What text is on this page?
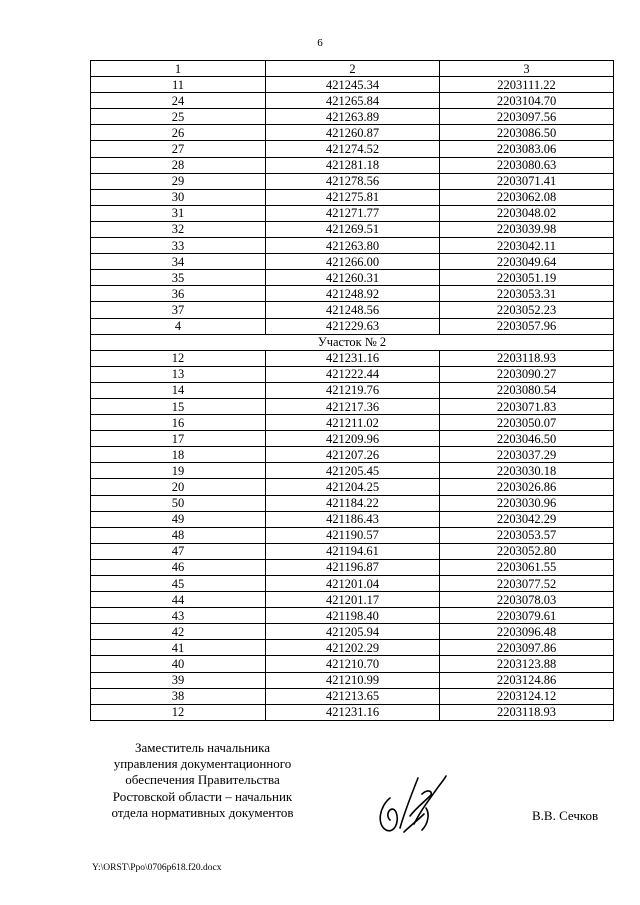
6
1	2	3
11	421245.34	2203111.22
24	421265.84	2203104.70
25	421263.89	2203097.56
26	421260.87	2203086.50
27	421274.52	2203083.06
28	421281.18	2203080.63
29	421278.56	2203071.41
30	421275.81	2203062.08
31	421271.77	2203048.02
32	421269.51	2203039.98
33	421263.80	2203042.11
34	421266.00	2203049.64
35	421260.31	2203051.19
36	421248.92	2203053.31
37	421248.56	2203052.23
4	421229.63	2203057.96
Участок № 2		
12	421231.16	2203118.93
13	421222.44	2203090.27
14	421219.76	2203080.54
15	421217.36	2203071.83
16	421211.02	2203050.07
17	421209.96	2203046.50
18	421207.26	2203037.29
19	421205.45	2203030.18
20	421204.25	2203026.86
50	421184.22	2203030.96
49	421186.43	2203042.29
48	421190.57	2203053.57
47	421194.61	2203052.80
46	421196.87	2203061.55
45	421201.04	2203077.52
44	421201.17	2203078.03
43	421198.40	2203079.61
42	421205.94	2203096.48
41	421202.29	2203097.86
40	421210.70	2203123.88
39	421210.99	2203124.86
38	421213.65	2203124.12
12	421231.16	2203118.93
Заместитель начальника
управления документационного
обеспечения Правительства
Ростовской области – начальник
отдела нормативных документов	В.В. Сечков
Y:\ORST\Ppo\0706p618.f20.docx
